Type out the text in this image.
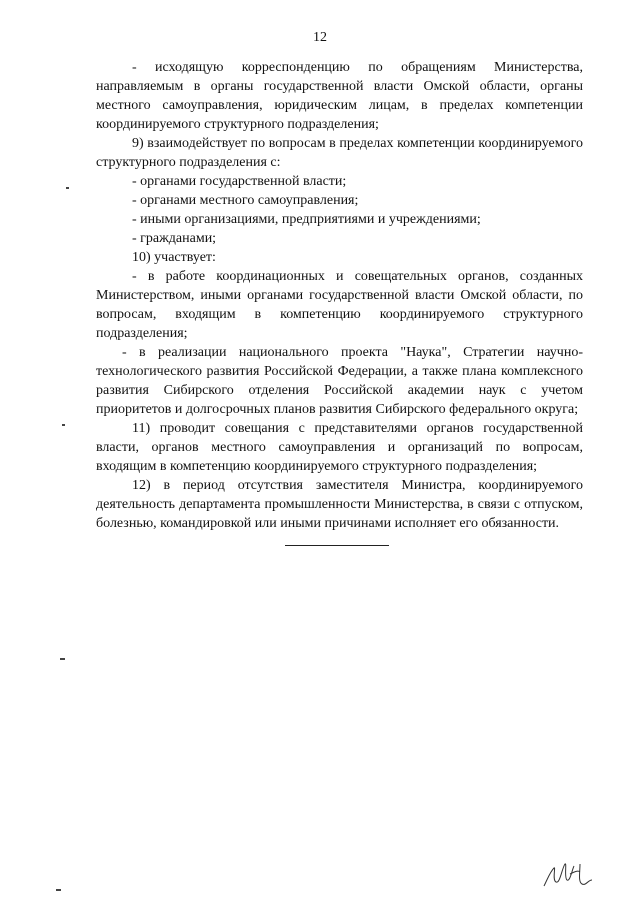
12

- исходящую корреспонденцию по обращениям Министерства, направляемым в органы государственной власти Омской области, органы местного самоуправления, юридическим лицам, в пределах компетенции координируемого структурного подразделения;

9) взаимодействует по вопросам в пределах компетенции координируемого структурного подразделения с:

- органами государственной власти;

- органами местного самоуправления;

- иными организациями, предприятиями и учреждениями;

- гражданами;

10) участвует:

- в работе координационных и совещательных органов, созданных Министерством, иными органами государственной власти Омской области, по вопросам, входящим в компетенцию координируемого структурного подразделения;

- в реализации национального проекта "Наука", Стратегии научно-технологического развития Российской Федерации, а также плана комплексного развития Сибирского отделения Российской академии наук с учетом приоритетов и долгосрочных планов развития Сибирского федерального округа;

11) проводит совещания с представителями органов государственной власти, органов местного самоуправления и организаций по вопросам, входящим в компетенцию координируемого структурного подразделения;

12) в период отсутствия заместителя Министра, координируемого деятельность департамента промышленности Министерства, в связи с отпуском, болезнью, командировкой или иными причинами исполняет его обязанности.
